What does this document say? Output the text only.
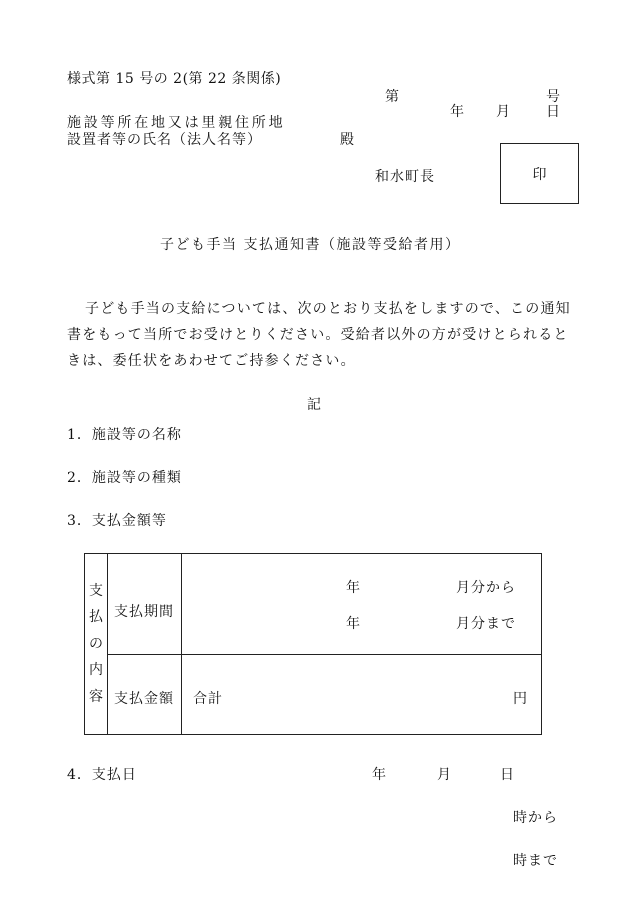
様式第 15 号の 2(第 22 条関係)
第	号
年 月	日
施設等所在地又は里親住所地
設置者等の氏名（法人名等）	殿
和水町長	印
子ども手当 支払通知書（施設等受給者用）
子ども手当の支給については、次のとおり支払をしますので、この通知書をもって当所でお受けとりください。受給者以外の方が受けとられるときは、委任状をあわせてご持参ください。
記
1．施設等の名称
2．施設等の種類
3．支払金額等
支
払
の
内
容
支払期間
年	月分から
年	月分まで
支払金額 合計	円
4．支払日	年	月	日
時から
時まで
